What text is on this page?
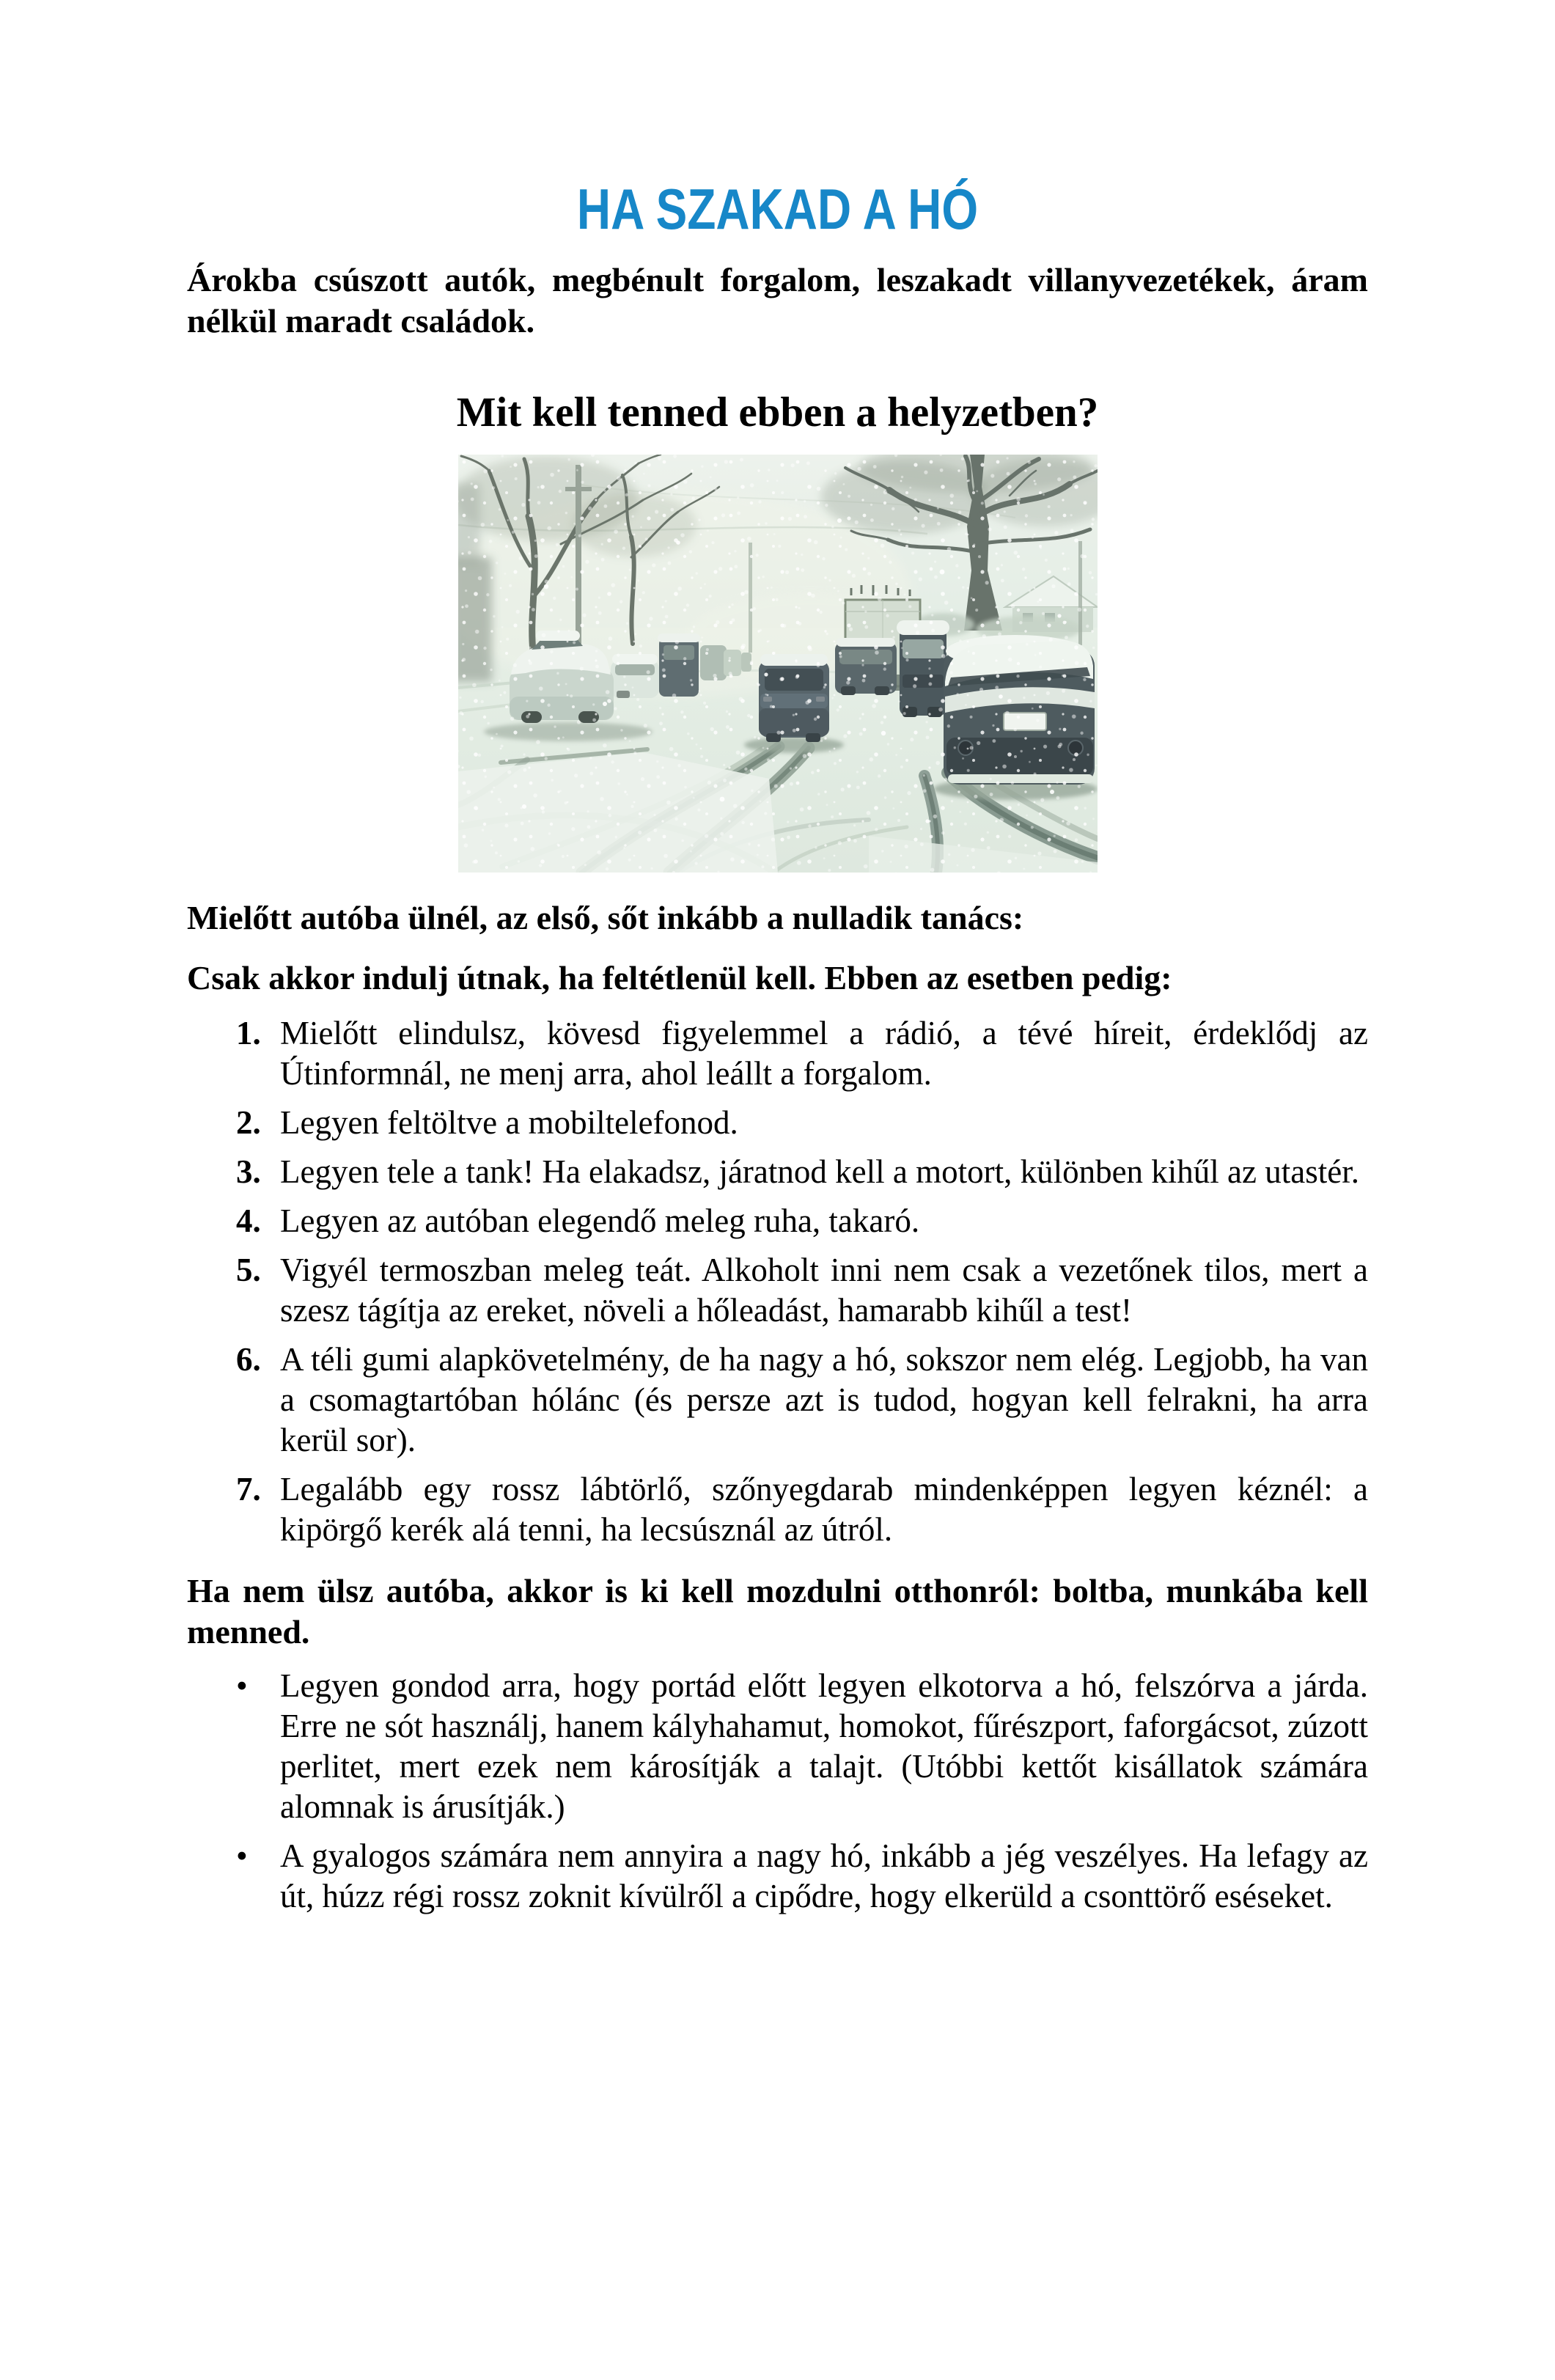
HA SZAKAD A HÓ

Árokba csúszott autók, megbénult forgalom, leszakadt villanyvezetékek, áram nélkül maradt családok.

Mit kell tenned ebben a helyzetben?

Mielőtt autóba ülnél, az első, sőt inkább a nulladik tanács:

Csak akkor indulj útnak, ha feltétlenül kell. Ebben az esetben pedig:

1. Mielőtt elindulsz, kövesd figyelemmel a rádió, a tévé híreit, érdeklődj az Útinformnál, ne menj arra, ahol leállt a forgalom.
2. Legyen feltöltve a mobiltelefonod.
3. Legyen tele a tank! Ha elakadsz, járatnod kell a motort, különben kihűl az utastér.
4. Legyen az autóban elegendő meleg ruha, takaró.
5. Vigyél termoszban meleg teát. Alkoholt inni nem csak a vezetőnek tilos, mert a szesz tágítja az ereket, növeli a hőleadást, hamarabb kihűl a test!
6. A téli gumi alapkövetelmény, de ha nagy a hó, sokszor nem elég. Legjobb, ha van a csomagtartóban hólánc (és persze azt is tudod, hogyan kell felrakni, ha arra kerül sor).
7. Legalább egy rossz lábtörlő, szőnyegdarab mindenképpen legyen kéznél: a kipörgő kerék alá tenni, ha lecsúsznál az útról.

Ha nem ülsz autóba, akkor is ki kell mozdulni otthonról: boltba, munkába kell menned.

• Legyen gondod arra, hogy portád előtt legyen elkotorva a hó, felszórva a járda. Erre ne sót használj, hanem kályhahamut, homokot, fűrészport, faforgácsot, zúzott perlitet, mert ezek nem károsítják a talajt. (Utóbbi kettőt kisállatok számára alomnak is árusítják.)
• A gyalogos számára nem annyira a nagy hó, inkább a jég veszélyes. Ha lefagy az út, húzz régi rossz zoknit kívülről a cipődre, hogy elkerüld a csonttörő eséseket.
